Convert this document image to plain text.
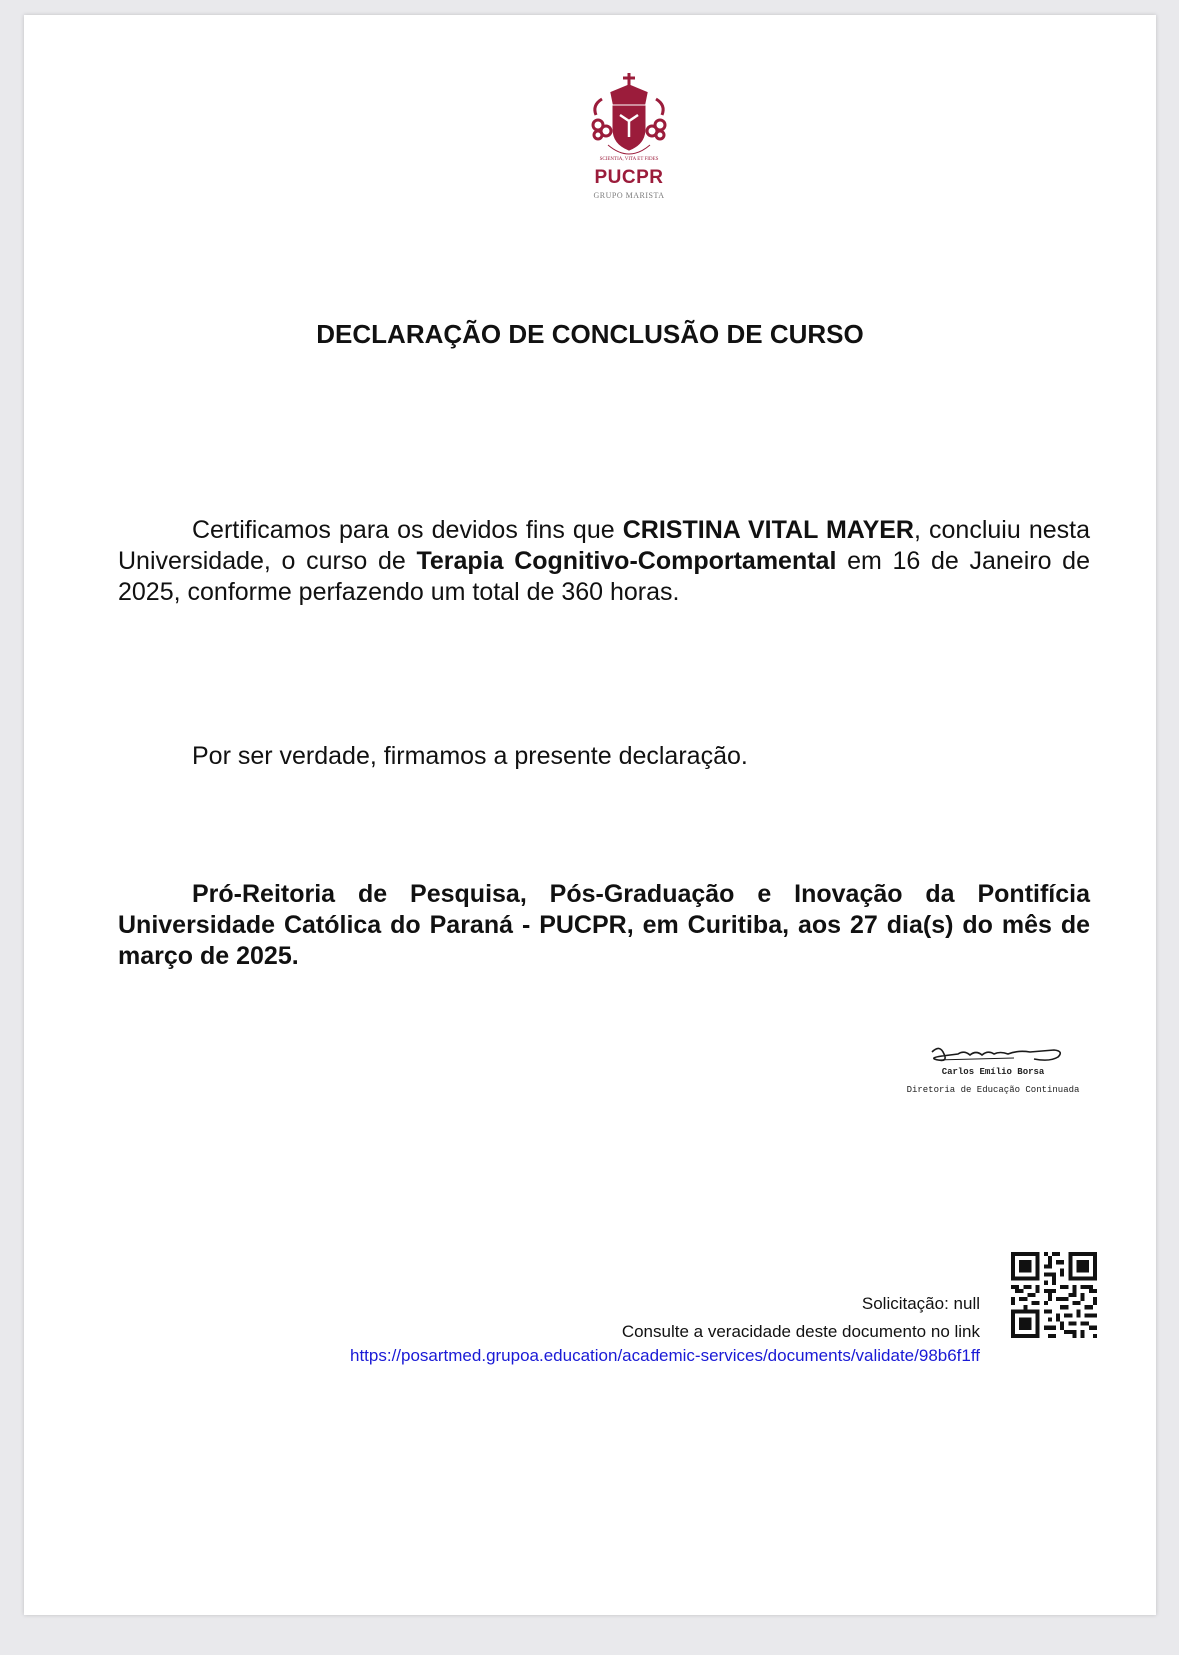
SCIENTIA, VITA ET FIDES
PUCPR
GRUPO MARISTA
DECLARAÇÃO DE CONCLUSÃO DE CURSO
Certificamos para os devidos fins que CRISTINA VITAL MAYER, concluiu nesta Universidade, o curso de Terapia Cognitivo-Comportamental em 16 de Janeiro de 2025, conforme perfazendo um total de 360 horas.
Por ser verdade, firmamos a presente declaração.
Pró-Reitoria de Pesquisa, Pós-Graduação e Inovação da Pontifícia Universidade Católica do Paraná - PUCPR, em Curitiba, aos 27 dia(s) do mês de março de 2025.
Carlos Emílio Borsa
Diretoria de Educação Continuada
Solicitação: null
Consulte a veracidade deste documento no link
https://posartmed.grupoa.education/academic-services/documents/validate/98b6f1ff
